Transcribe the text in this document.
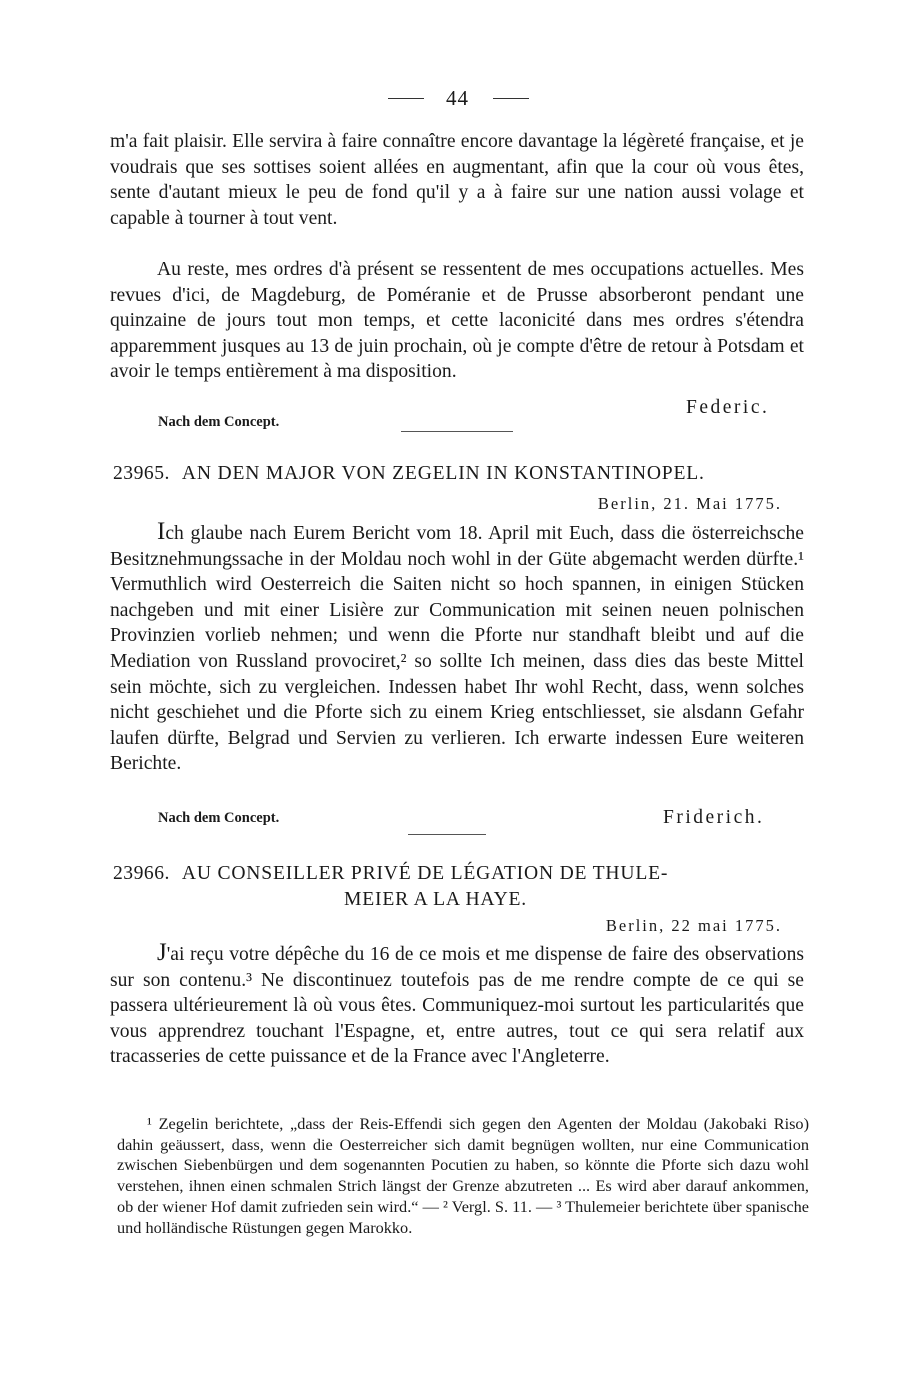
44

m'a fait plaisir. Elle servira à faire connaître encore davantage la légèreté française, et je voudrais que ses sottises soient allées en augmentant, afin que la cour où vous êtes, sente d'autant mieux le peu de fond qu'il y a à faire sur une nation aussi volage et capable à tourner à tout vent.

Au reste, mes ordres d'à présent se ressentent de mes occupations actuelles. Mes revues d'ici, de Magdeburg, de Poméranie et de Prusse absorberont pendant une quinzaine de jours tout mon temps, et cette laconicité dans mes ordres s'étendra apparemment jusques au 13 de juin prochain, où je compte d'être de retour à Potsdam et avoir le temps entièrement à ma disposition.

Nach dem Concept.
Federic.
23965. AN DEN MAJOR VON ZEGELIN IN KONSTANTINOPEL.
Berlin, 21. Mai 1775.

Ich glaube nach Eurem Bericht vom 18. April mit Euch, dass die österreichsche Besitznehmungssache in der Moldau noch wohl in der Güte abgemacht werden dürfte.¹ Vermuthlich wird Oesterreich die Saiten nicht so hoch spannen, in einigen Stücken nachgeben und mit einer Lisière zur Communication mit seinen neuen polnischen Provinzien vorlieb nehmen; und wenn die Pforte nur standhaft bleibt und auf die Mediation von Russland provociret,² so sollte Ich meinen, dass dies das beste Mittel sein möchte, sich zu vergleichen. Indessen habet Ihr wohl Recht, dass, wenn solches nicht geschiehet und die Pforte sich zu einem Krieg entschliesset, sie alsdann Gefahr laufen dürfte, Belgrad und Servien zu verlieren. Ich erwarte indessen Eure weiteren Berichte.

Nach dem Concept.	Friderich.
23966. AU CONSEILLER PRIVÉ DE LÉGATION DE THULE-
MEIER A LA HAYE.
Berlin, 22 mai 1775.

J'ai reçu votre dépêche du 16 de ce mois et me dispense de faire des observations sur son contenu.³ Ne discontinuez toutefois pas de me rendre compte de ce qui se passera ultérieurement là où vous êtes. Communiquez-moi surtout les particularités que vous apprendrez touchant l'Espagne, et, entre autres, tout ce qui sera relatif aux tracasseries de cette puissance et de la France avec l'Angleterre.

¹ Zegelin berichtete, „dass der Reis-Effendi sich gegen den Agenten der Moldau (Jakobaki Riso) dahin geäussert, dass, wenn die Oesterreicher sich damit begnügen wollten, nur eine Communication zwischen Siebenbürgen und dem sogenannten Pocutien zu haben, so könnte die Pforte sich dazu wohl verstehen, ihnen einen schmalen Strich längst der Grenze abzutreten ... Es wird aber darauf ankommen, ob der wiener Hof damit zufrieden sein wird.“ — ² Vergl. S. 11. — ³ Thulemeier berichtete über spanische und holländische Rüstungen gegen Marokko.
